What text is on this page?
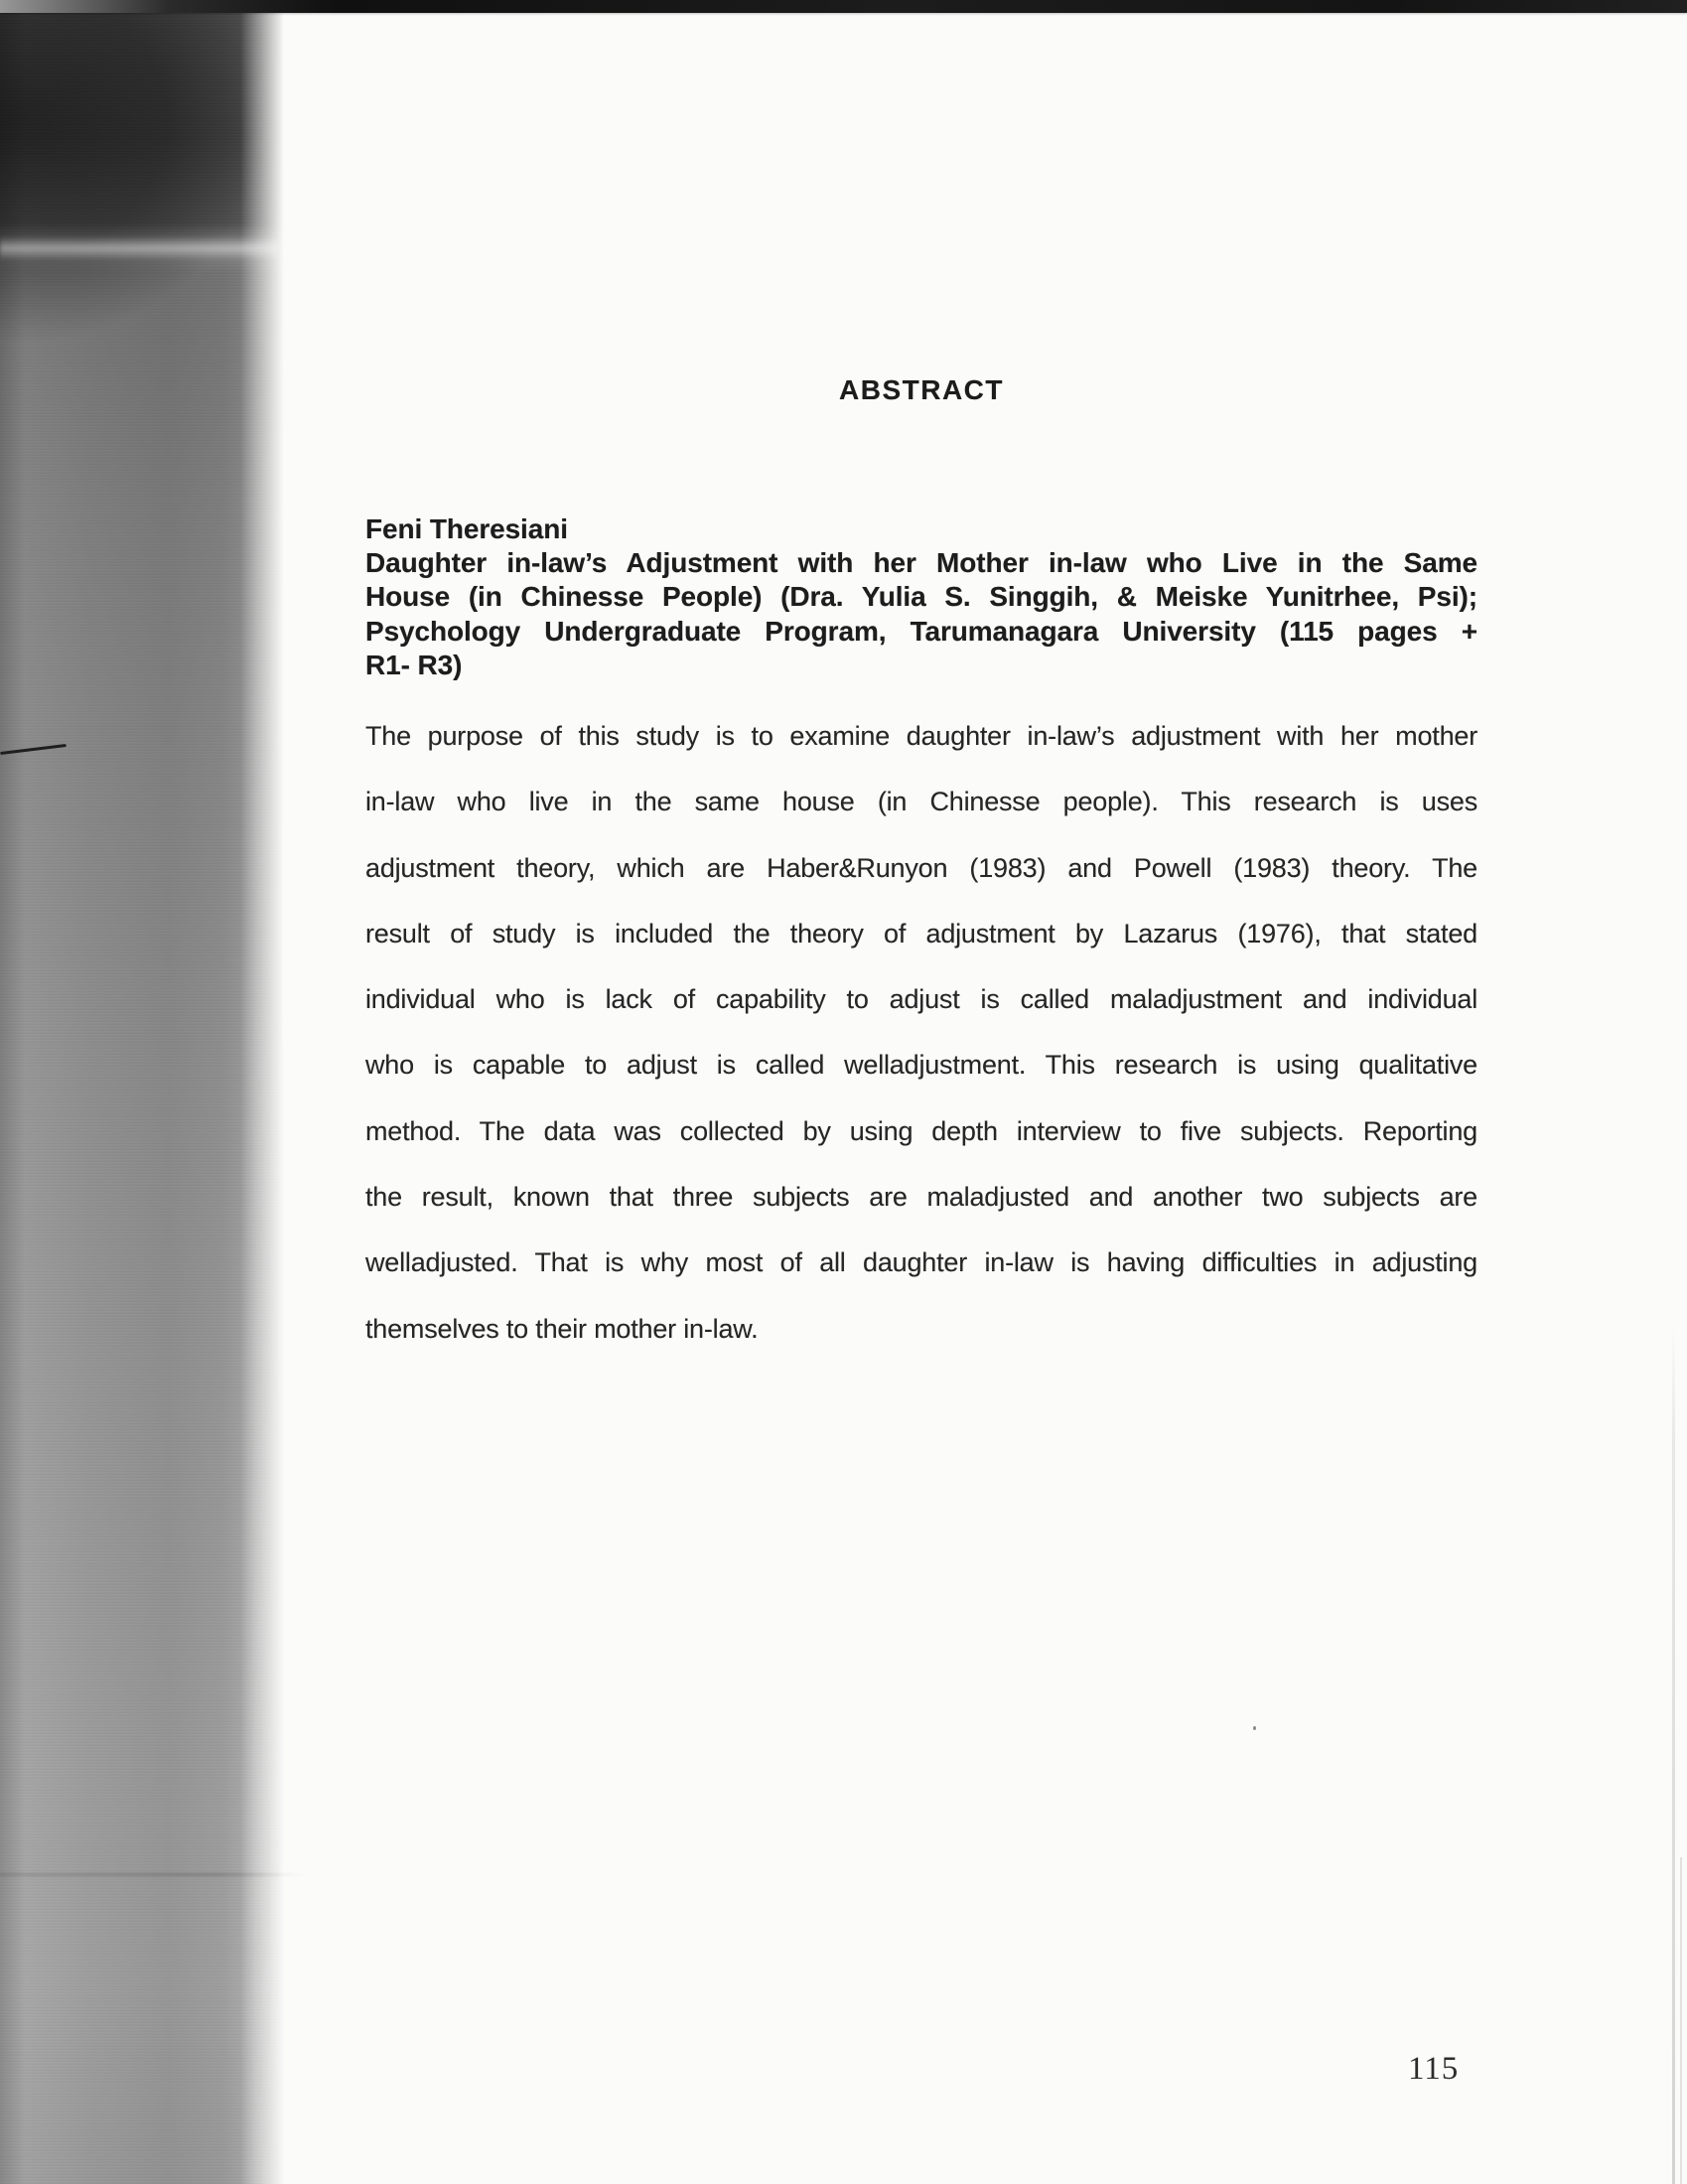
ABSTRACT
Feni Theresiani
Daughter in-law’s Adjustment with her Mother in-law who Live in the Same
House (in Chinesse People) (Dra. Yulia S. Singgih, & Meiske Yunitrhee, Psi);
Psychology Undergraduate Program, Tarumanagara University (115 pages +
R1- R3)
The purpose of this study is to examine daughter in-law’s adjustment with her mother
in-law who live in the same house (in Chinesse people). This research is uses
adjustment theory, which are Haber&Runyon (1983) and Powell (1983) theory. The
result of study is included the theory of adjustment by Lazarus (1976), that stated
individual who is lack of capability to adjust is called maladjustment and individual
who is capable to adjust is called welladjustment. This research is using qualitative
method. The data was collected by using depth interview to five subjects. Reporting
the result, known that three subjects are maladjusted and another two subjects are
welladjusted. That is why most of all daughter in-law is having difficulties in adjusting
themselves to their mother in-law.
115
